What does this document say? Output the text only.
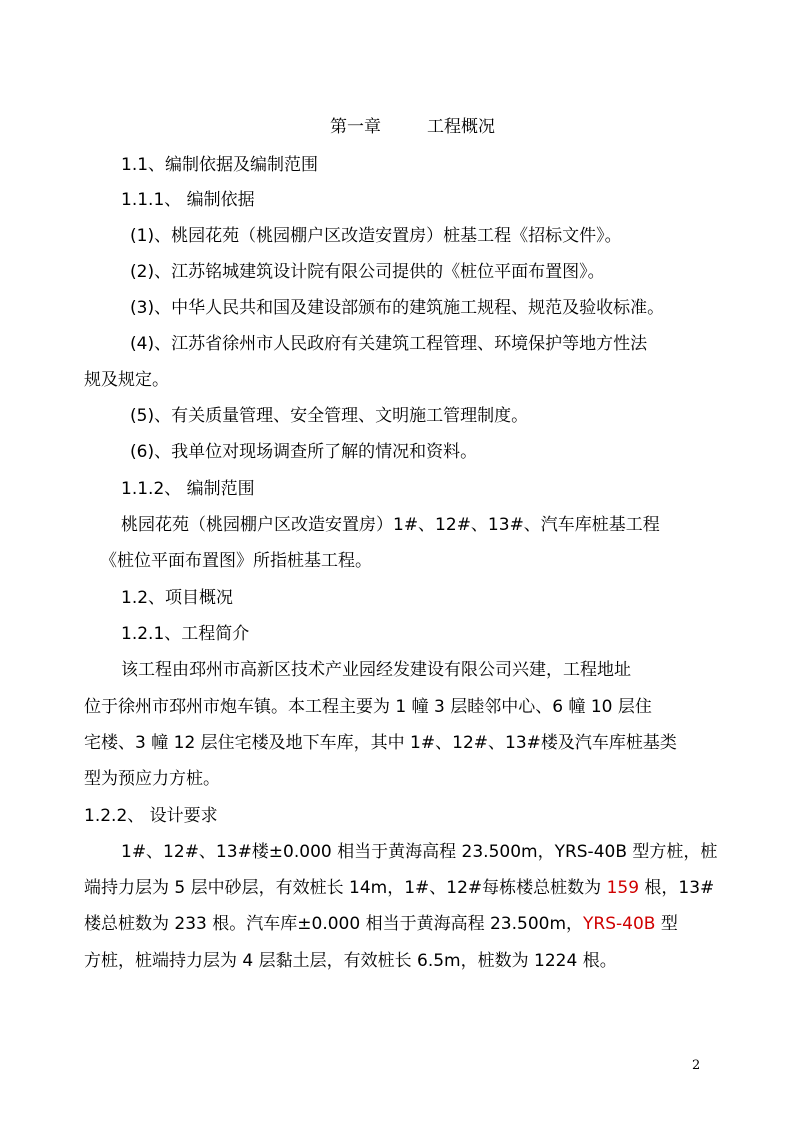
第一章	工程概况
1.1、编制依据及编制范围
1.1.1、 编制依据
(1)、桃园花苑（桃园棚户区改造安置房）桩基工程《招标文件》。
(2)、江苏铭城建筑设计院有限公司提供的《桩位平面布置图》。
(3)、中华人民共和国及建设部颁布的建筑施工规程、规范及验收标准。
(4)、江苏省徐州市人民政府有关建筑工程管理、环境保护等地方性法
规及规定。
(5)、有关质量管理、安全管理、文明施工管理制度。
(6)、我单位对现场调查所了解的情况和资料。
1.1.2、 编制范围
桃园花苑（桃园棚户区改造安置房）1#、12#、13#、汽车库桩基工程
《桩位平面布置图》所指桩基工程。
1.2、项目概况
1.2.1、工程简介
该工程由邳州市高新区技术产业园经发建设有限公司兴建，工程地址
位于徐州市邳州市炮车镇。本工程主要为 1 幢 3 层睦邻中心、6 幢 10 层住
宅楼、3 幢 12 层住宅楼及地下车库，其中 1#、12#、13#楼及汽车库桩基类
型为预应力方桩。
1.2.2、 设计要求
1#、12#、13#楼±0.000 相当于黄海高程 23.500m，YRS-40B 型方桩，桩
端持力层为 5 层中砂层，有效桩长 14m，1#、12#每栋楼总桩数为 159 根，13#
楼总桩数为 233 根。汽车库±0.000 相当于黄海高程 23.500m，YRS-40B 型
方桩，桩端持力层为 4 层黏土层，有效桩长 6.5m，桩数为 1224 根。
2
